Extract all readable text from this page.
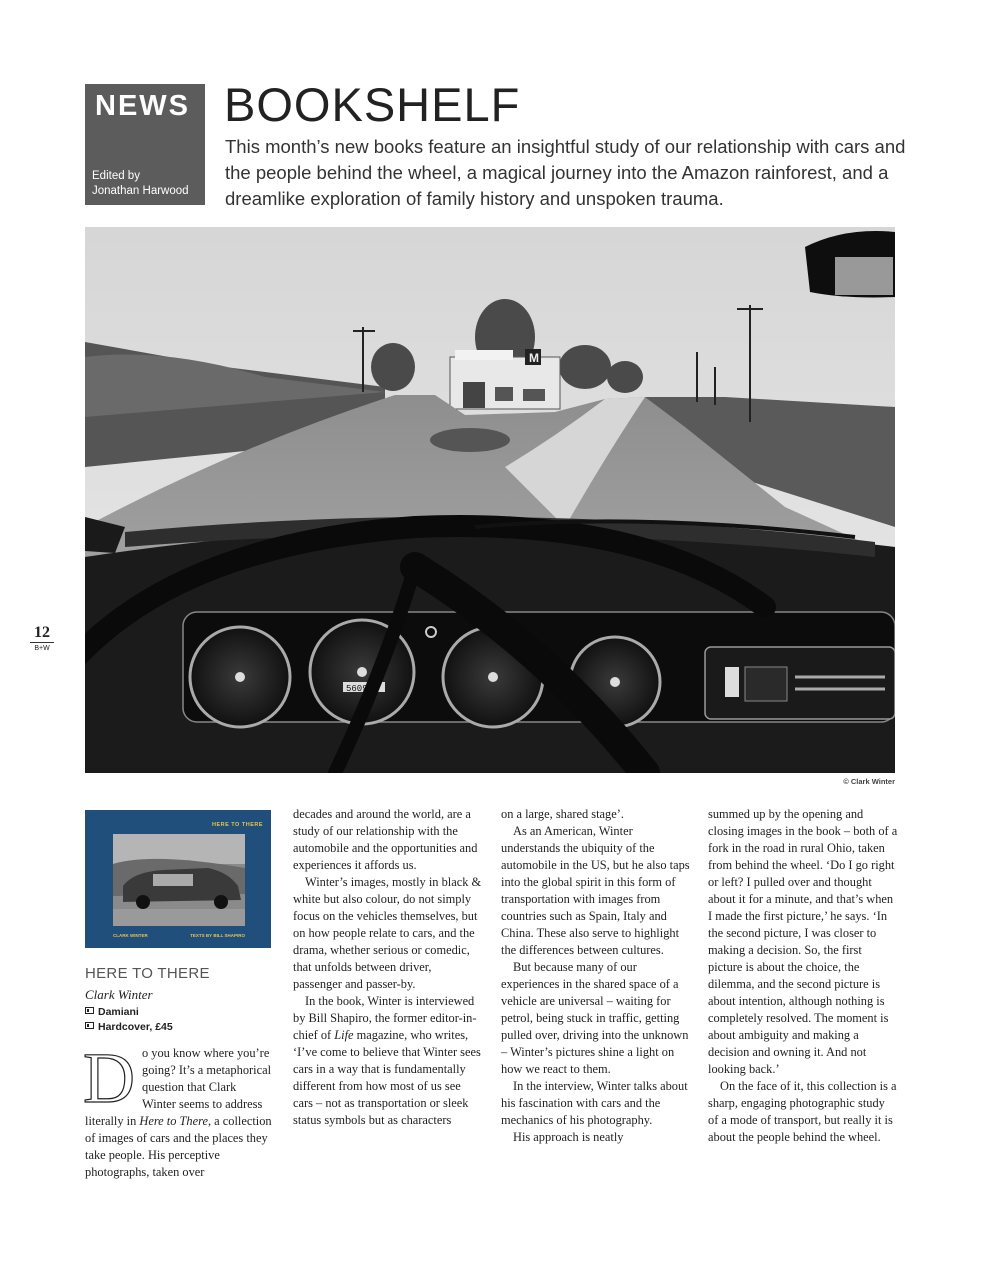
NEWS
Edited by
Jonathan Harwood
BOOKSHELF
This month’s new books feature an insightful study of our relationship with cars and the people behind the wheel, a magical journey into the Amazon rainforest, and a dreamlike exploration of family history and unspoken trauma.
M
56090
© Clark Winter
12
B+W
HERE TO THERE
CLARK WINTER	TEXTS BY BILL SHAPIRO
HERE TO THERE
Clark Winter
Damiani
Hardcover, £45

Do you know where you’re going? It’s a metaphorical question that Clark Winter seems to address literally in Here to There, a collection of images of cars and the places they take people. His perceptive photographs, taken over

decades and around the world, are a study of our relationship with the automobile and the opportunities and experiences it affords us.

Winter’s images, mostly in black & white but also colour, do not simply focus on the vehicles themselves, but on how people relate to cars, and the drama, whether serious or comedic, that unfolds between driver, passenger and passer-by.

In the book, Winter is interviewed by Bill Shapiro, the former editor-in-chief of Life magazine, who writes, ‘I’ve come to believe that Winter sees cars in a way that is fundamentally different from how most of us see cars – not as transportation or sleek status symbols but as characters

on a large, shared stage’.

As an American, Winter understands the ubiquity of the automobile in the US, but he also taps into the global spirit in this form of transportation with images from countries such as Spain, Italy and China. These also serve to highlight the differences between cultures.

But because many of our experiences in the shared space of a vehicle are universal – waiting for petrol, being stuck in traffic, getting pulled over, driving into the unknown – Winter’s pictures shine a light on how we react to them.

In the interview, Winter talks about his fascination with cars and the mechanics of his photography.

His approach is neatly

summed up by the opening and closing images in the book – both of a fork in the road in rural Ohio, taken from behind the wheel. ‘Do I go right or left? I pulled over and thought about it for a minute, and that’s when I made the first picture,’ he says. ‘In the second picture, I was closer to making a decision. So, the first picture is about the choice, the dilemma, and the second picture is about intention, although nothing is completely resolved. The moment is about ambiguity and making a decision and owning it. And not looking back.’

On the face of it, this collection is a sharp, engaging photographic study of a mode of transport, but really it is about the people behind the wheel.
